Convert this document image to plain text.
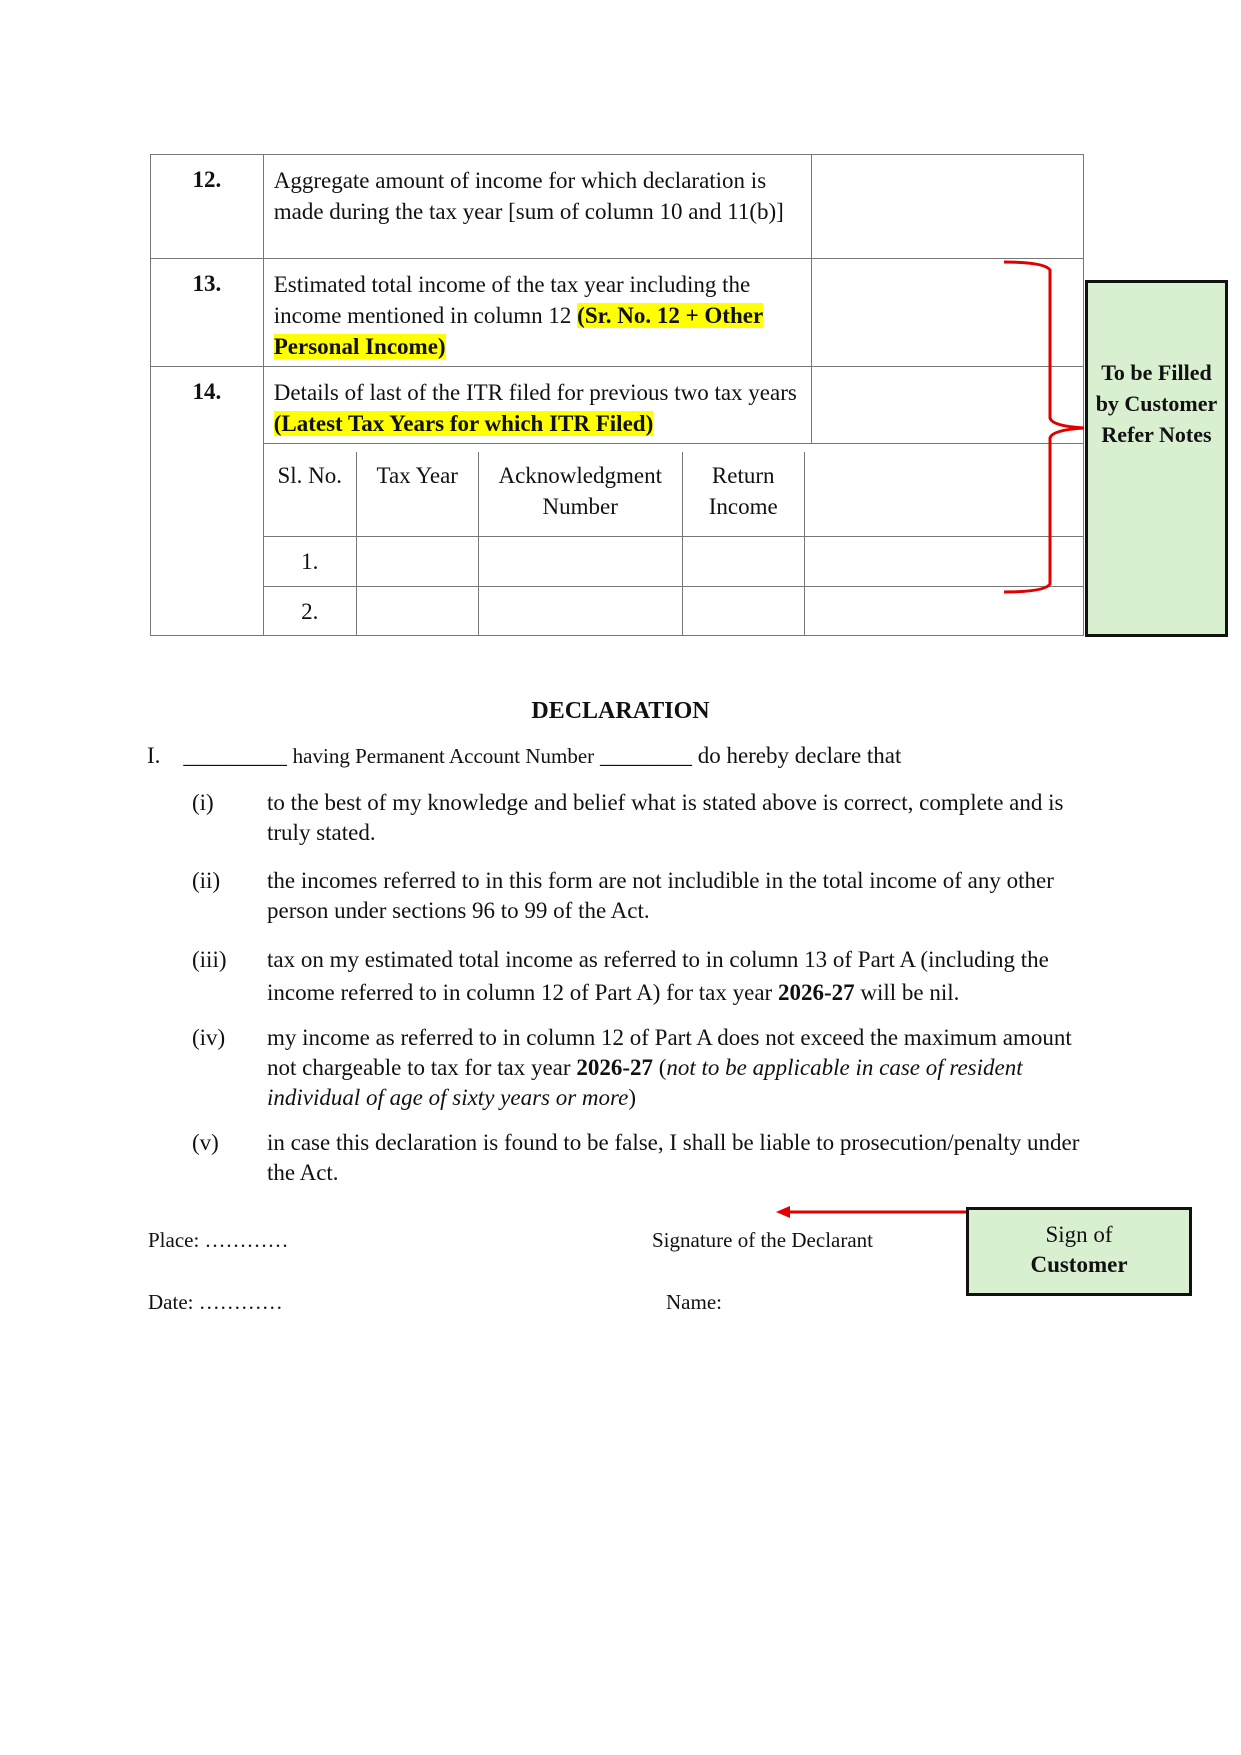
12.	Aggregate amount of income for which declaration is made during the tax year [sum of column 10 and 11(b)]	
13.	Estimated total income of the tax year including the income mentioned in column 12 (Sr. No. 12 + Other Personal Income)	
14.	Details of last of the ITR filed for previous two tax years (Latest Tax Years for which ITR Filed)	

Sl. No.	Tax Year	Acknowledgment Number	Return Income	

1.				

2.				
To be Filled by Customer Refer Notes
DECLARATION
I. _________ having Permanent Account Number ________ do hereby declare that
(i) to the best of my knowledge and belief what is stated above is correct, complete and is truly stated.
(ii) the incomes referred to in this form are not includible in the total income of any other person under sections 96 to 99 of the Act.
(iii) tax on my estimated total income as referred to in column 13 of Part A (including the income referred to in column 12 of Part A) for tax year 2026-27 will be nil.
(iv) my income as referred to in column 12 of Part A does not exceed the maximum amount not chargeable to tax for tax year 2026-27 (not to be applicable in case of resident individual of age of sixty years or more)
(v) in case this declaration is found to be false, I shall be liable to prosecution/penalty under the Act.
Sign of
Customer
Place: …………
Date: …………
Signature of the Declarant
Name:
